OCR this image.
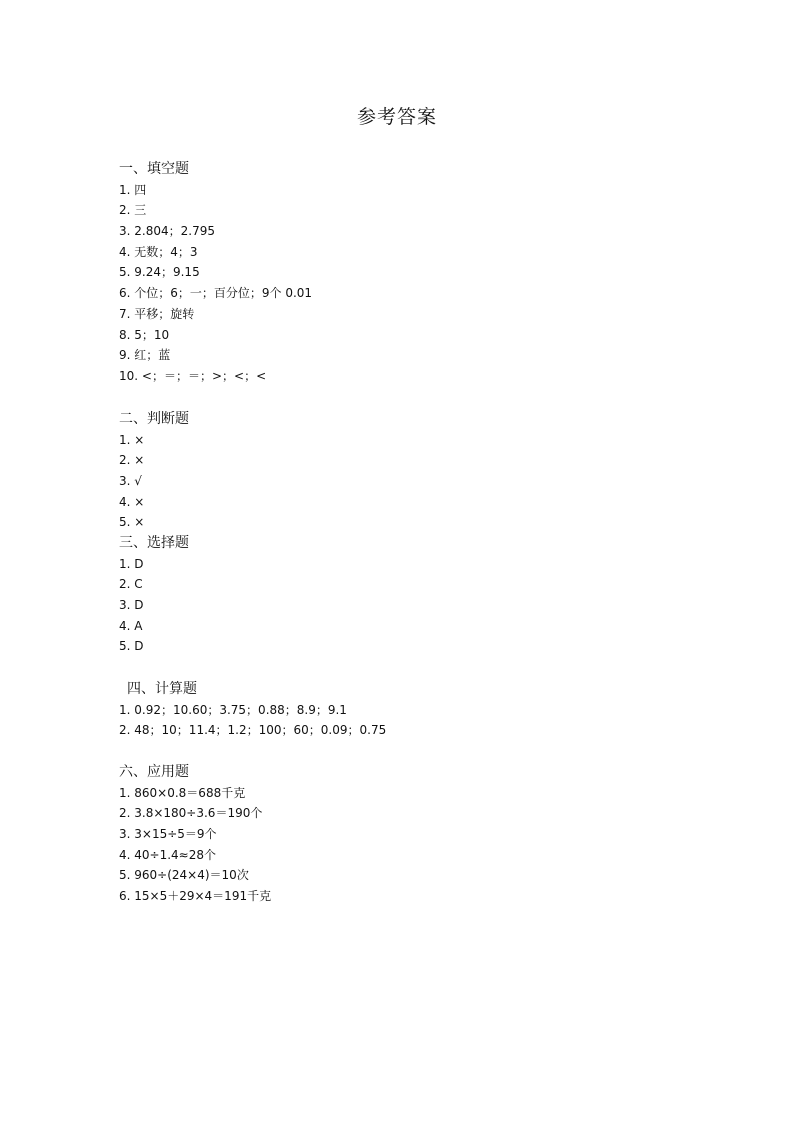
参考答案
一、填空题
1. 四
2. 三
3. 2.804；2.795
4. 无数；4；3
5. 9.24；9.15
6. 个位；6；一；百分位；9个 0.01
7. 平移；旋转
8. 5；10
9. 红；蓝
10. <；＝；＝；>；<；<
二、判断题
1. ×
2. ×
3. √
4. ×
5. ×
三、选择题
1. D
2. C
3. D
4. A
5. D
四、计算题
1. 0.92；10.60；3.75；0.88；8.9；9.1
2. 48；10；11.4；1.2；100；60；0.09；0.75
六、应用题
1. 860×0.8＝688千克
2. 3.8×180÷3.6＝190个
3. 3×15÷5＝9个
4. 40÷1.4≈28个
5. 960÷(24×4)＝10次
6. 15×5＋29×4＝191千克
